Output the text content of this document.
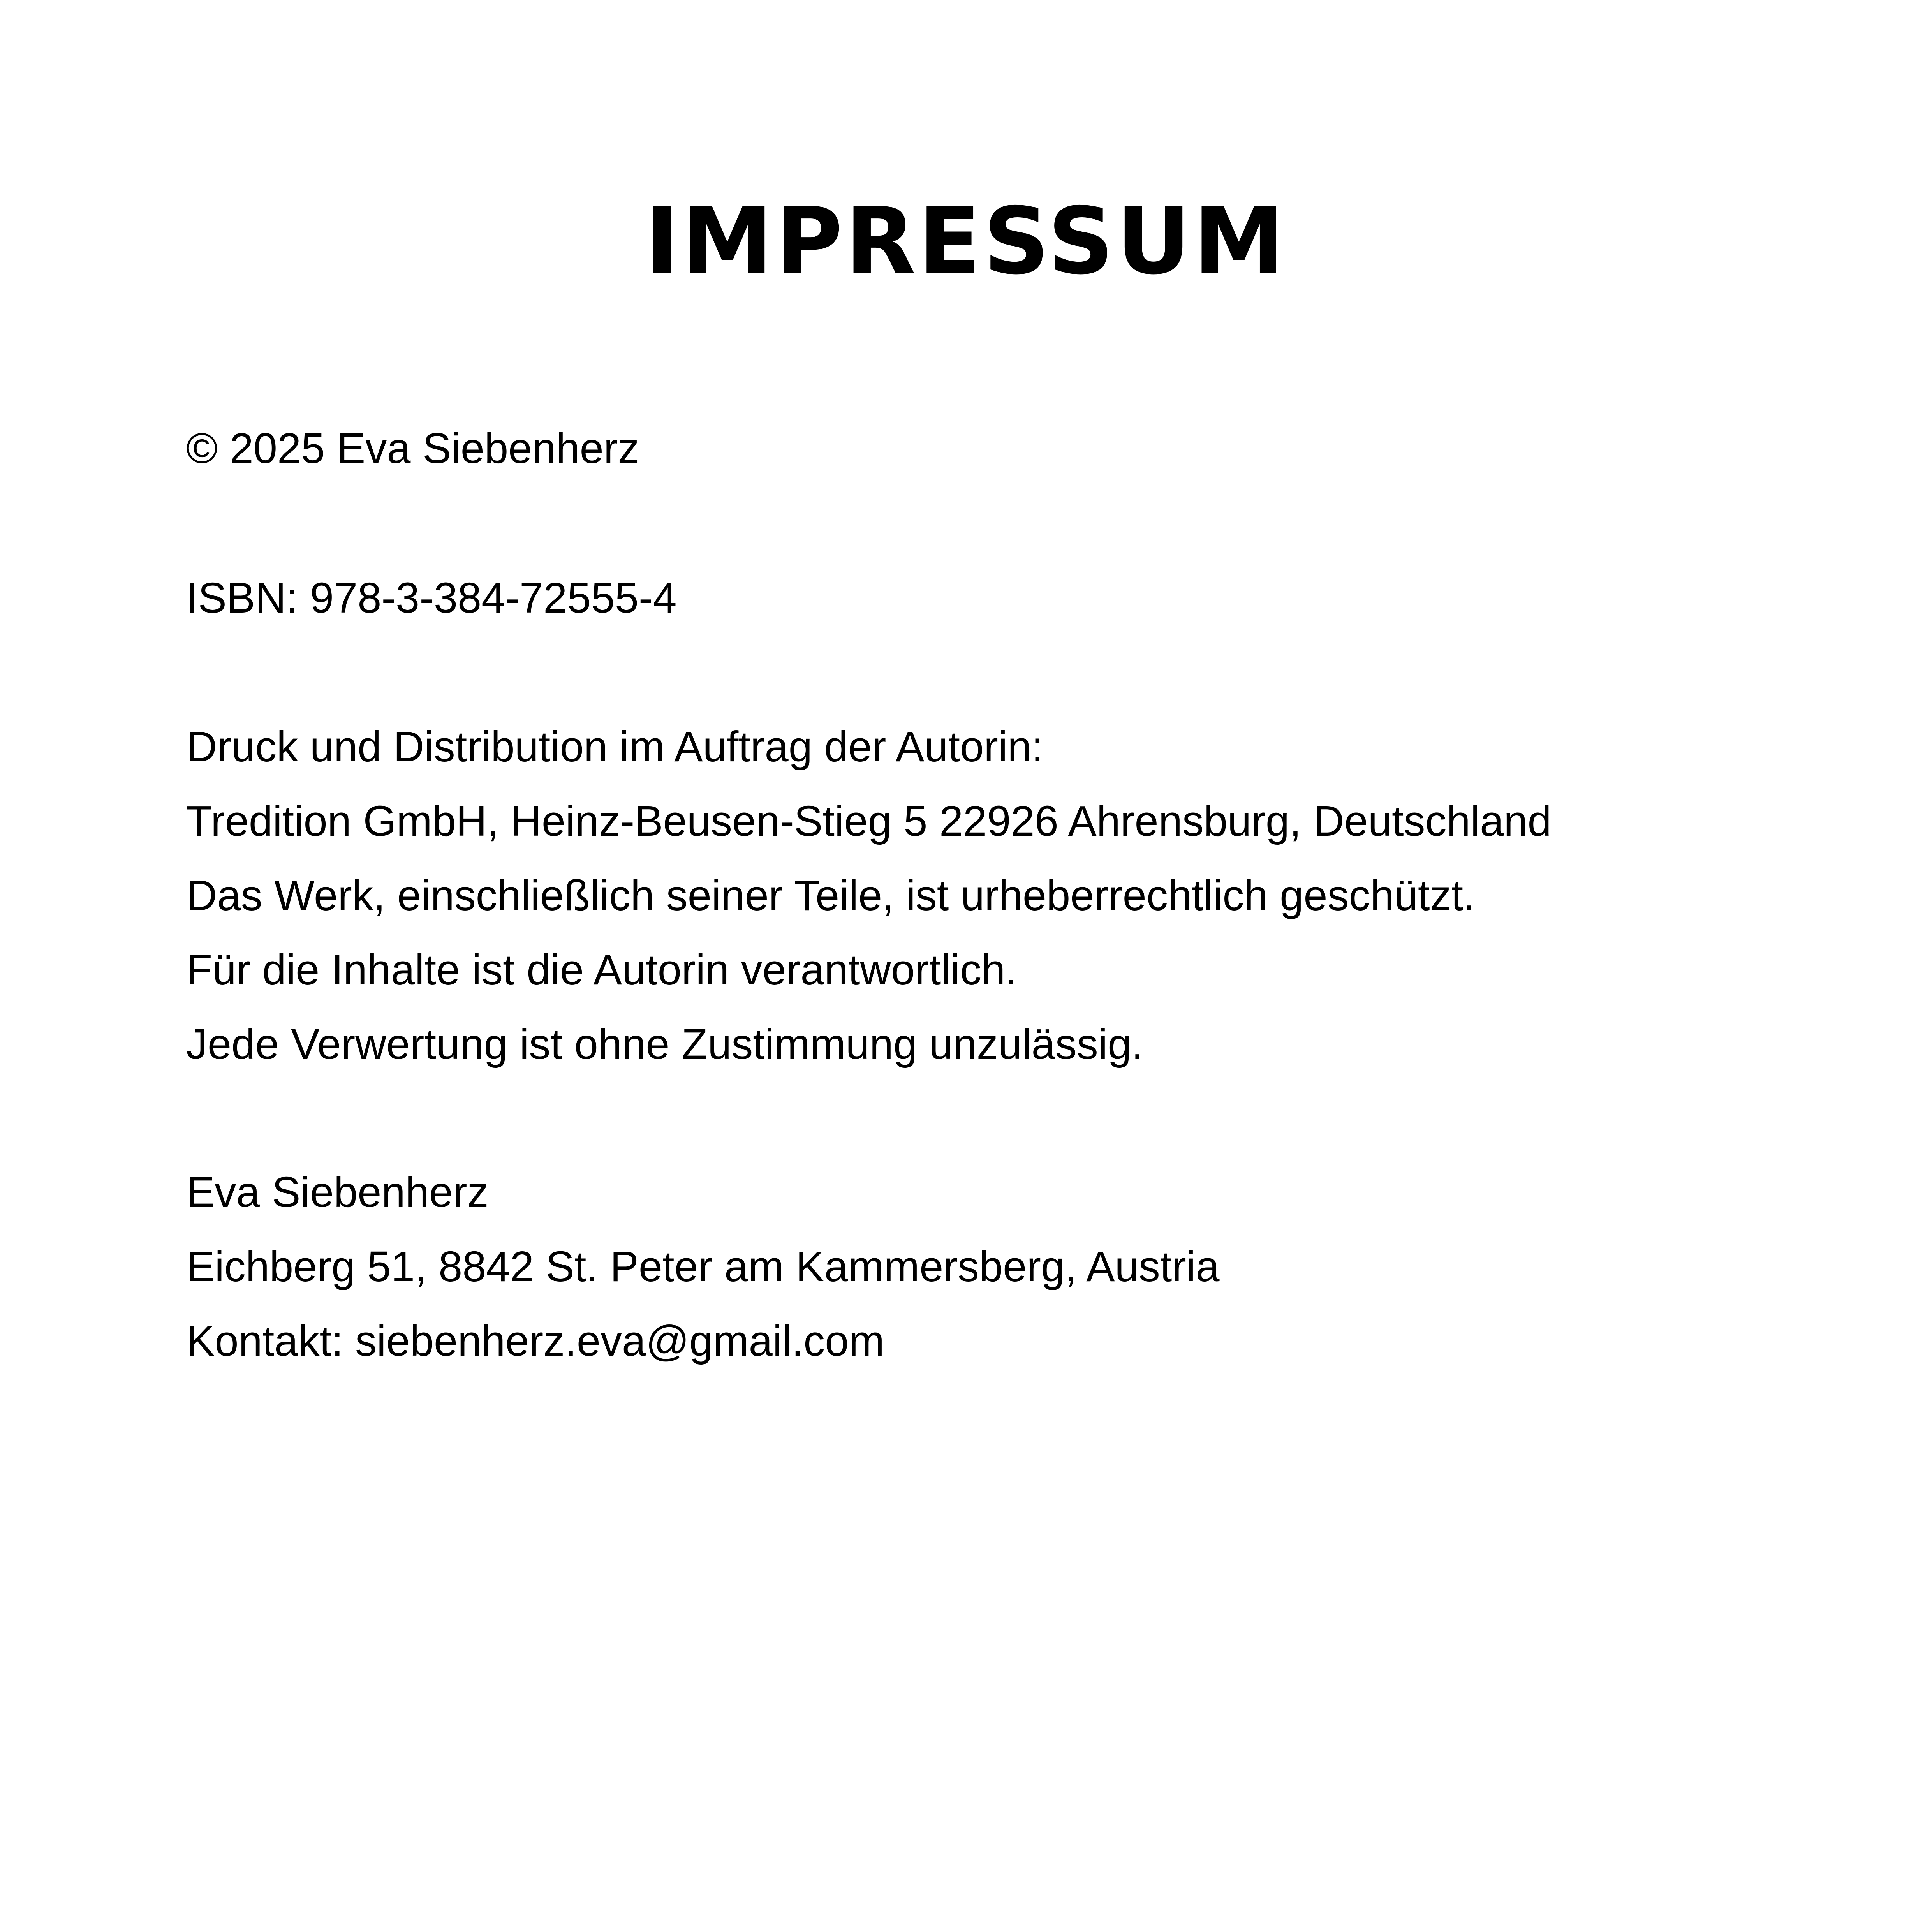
IMPRESSUM
© 2025 Eva Siebenherz
ISBN: 978-3-384-72555-4
Druck und Distribution im Auftrag der Autorin:
Tredition GmbH, Heinz-Beusen-Stieg 5 22926 Ahrensburg, Deutschland
Das Werk, einschließlich seiner Teile, ist urheberrechtlich geschützt.
Für die Inhalte ist die Autorin verantwortlich.
Jede Verwertung ist ohne Zustimmung unzulässig.
Eva Siebenherz
Eichberg 51, 8842 St. Peter am Kammersberg, Austria
Kontakt: siebenherz.eva@gmail.com
